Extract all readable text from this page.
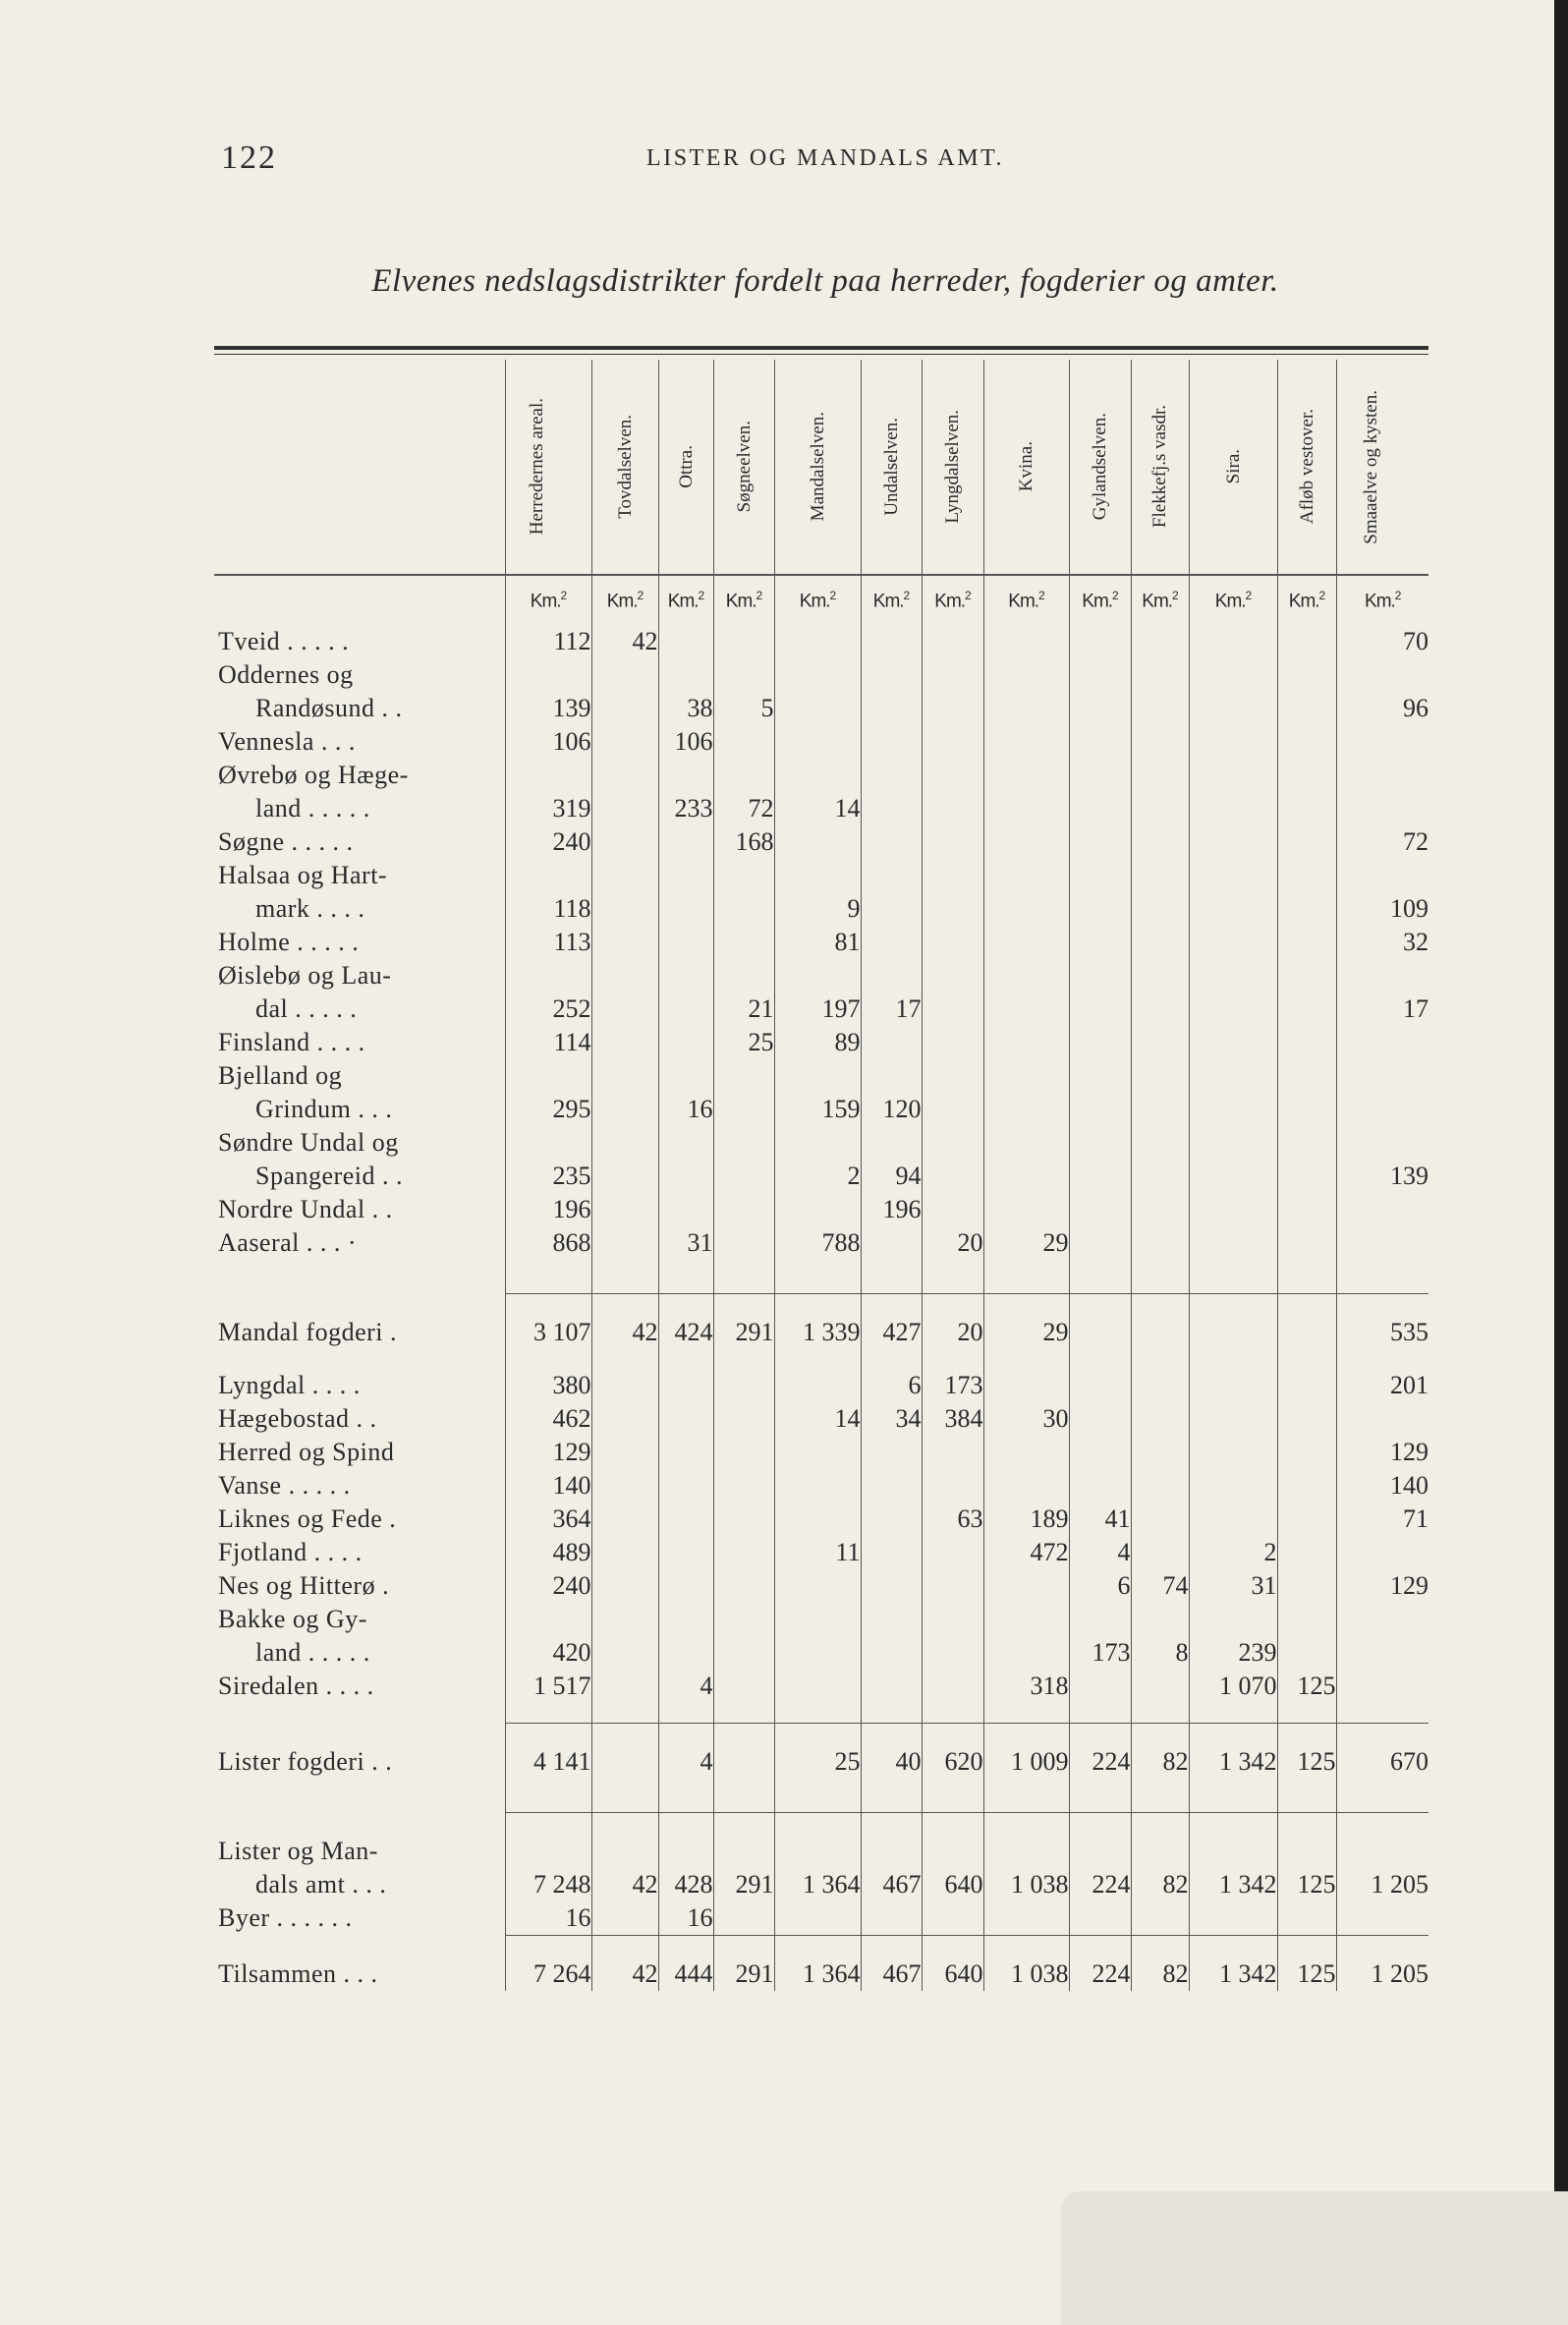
122	LISTER OG MANDALS AMT.
Elvenes nedslagsdistrikter fordelt paa herreder, fogderier og amter.

	Herredernes areal.	Tovdalselven.	Ottra.	Søgneelven.	Mandalselven.	Undalselven.	Lyngdalselven.	Kvina.	Gylandselven.	Flekkefj.s vasdr.	Sira.	Afløb vestover.	Smaaelve og kysten.

	Km.$^2$	Km.$^2$	Km.$^2$	Km.$^2$	Km.$^2$	Km.$^2$	Km.$^2$	Km.$^2$	Km.$^2$	Km.$^2$	Km.$^2$	Km.$^2$	Km.$^2$

Tveid . . . . .	112	42											70

Oddernes og
Randøsund . .	139		38	5									96

Vennesla . . .	106		106										

Øvrebø og Hæge-
land . . . . .	319		233	72	14								

Søgne . . . . .	240			168									72

Halsaa og Hart-
mark . . . .	118				9								109

Holme . . . . .	113				81								32

Øislebø og Lau-
dal . . . . .	252			21	197	17							17

Finsland . . . .	114			25	89								

Bjelland og
Grindum . . .	295		16		159	120							

Søndre Undal og
Spangereid . .	235				2	94							139

Nordre Undal . .	196					196							

Aaseral . . . ·	868		31		788		20	29					

Mandal fogderi .	3 107	42	424	291	1 339	427	20	29					535

Lyngdal . . . .	380					6	173						201

Hægebostad . .	462				14	34	384	30					

Herred og Spind	129												129

Vanse . . . . .	140												140

Liknes og Fede .	364						63	189	41				71

Fjotland . . . .	489				11			472	4		2		

Nes og Hitterø .	240								6	74	31		129

Bakke og Gy-
land . . . . .	420								173	8	239		

Siredalen . . . .	1 517		4					318			1 070	125	

Lister fogderi . .	4 141		4		25	40	620	1 009	224	82	1 342	125	670

Lister og Man-
dals amt . . .	7 248	42	428	291	1 364	467	640	1 038	224	82	1 342	125	1 205

Byer . . . . . .	16		16										

Tilsammen . . .	7 264	42	444	291	1 364	467	640	1 038	224	82	1 342	125	1 205
